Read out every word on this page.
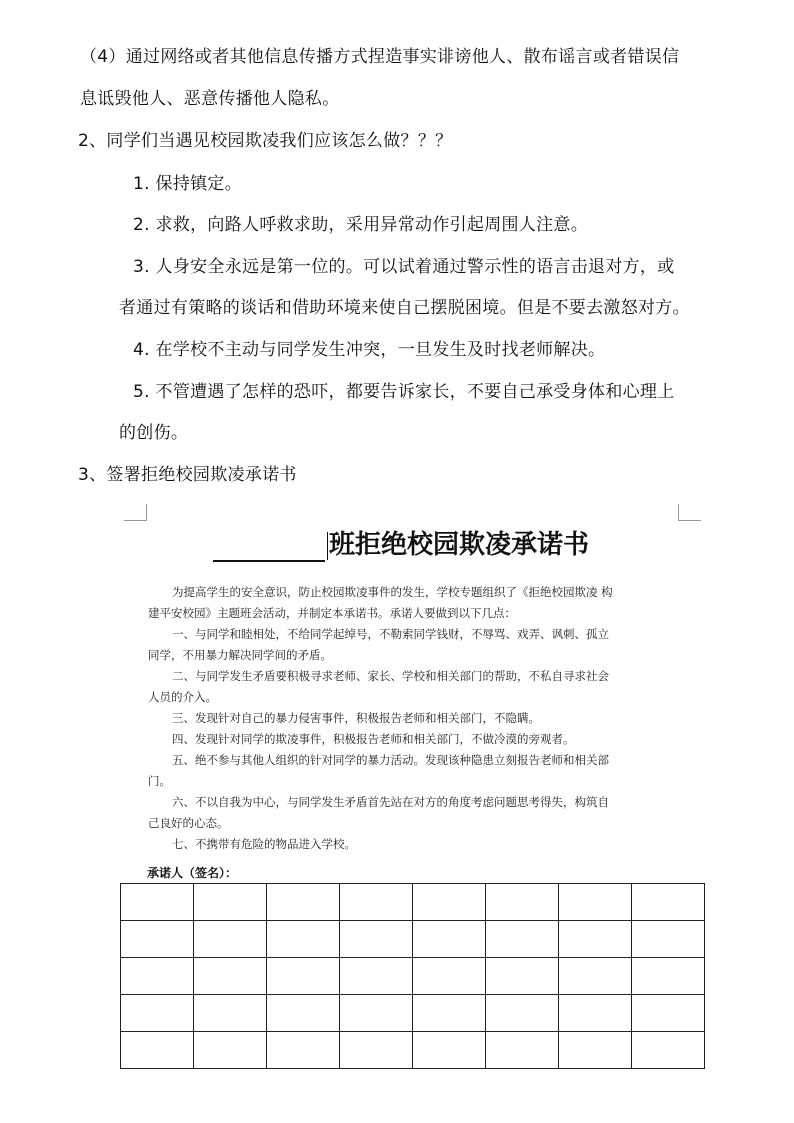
（4）通过网络或者其他信息传播方式捏造事实诽谤他人、散布谣言或者错误信
息诋毁他人、恶意传播他人隐私。
2、同学们当遇见校园欺凌我们应该怎么做？？？
1. 保持镇定。
2. 求救，向路人呼救求助，采用异常动作引起周围人注意。
3. 人身安全永远是第一位的。可以试着通过警示性的语言击退对方，或
者通过有策略的谈话和借助环境来使自己摆脱困境。但是不要去激怒对方。
4. 在学校不主动与同学发生冲突，一旦发生及时找老师解决。
5. 不管遭遇了怎样的恐吓，都要告诉家长，不要自己承受身体和心理上
的创伤。
3、签署拒绝校园欺凌承诺书
班拒绝校园欺凌承诺书
为提高学生的安全意识，防止校园欺凌事件的发生，学校专题组织了《拒绝校园欺凌 构
建平安校园》主题班会活动，并制定本承诺书。承诺人要做到以下几点：
一、与同学和睦相处，不给同学起绰号，不勒索同学钱财，不辱骂、戏弄、讽刺、孤立
同学，不用暴力解决同学间的矛盾。
二、与同学发生矛盾要积极寻求老师、家长、学校和相关部门的帮助，不私自寻求社会
人员的介入。
三、发现针对自己的暴力侵害事件，积极报告老师和相关部门，不隐瞒。
四、发现针对同学的欺凌事件，积极报告老师和相关部门，不做冷漠的旁观者。
五、绝不参与其他人组织的针对同学的暴力活动。发现该种隐患立刻报告老师和相关部
门。
六、不以自我为中心，与同学发生矛盾首先站在对方的角度考虑问题思考得失，构筑自
己良好的心态。
七、不携带有危险的物品进入学校。
承诺人（签名）：
